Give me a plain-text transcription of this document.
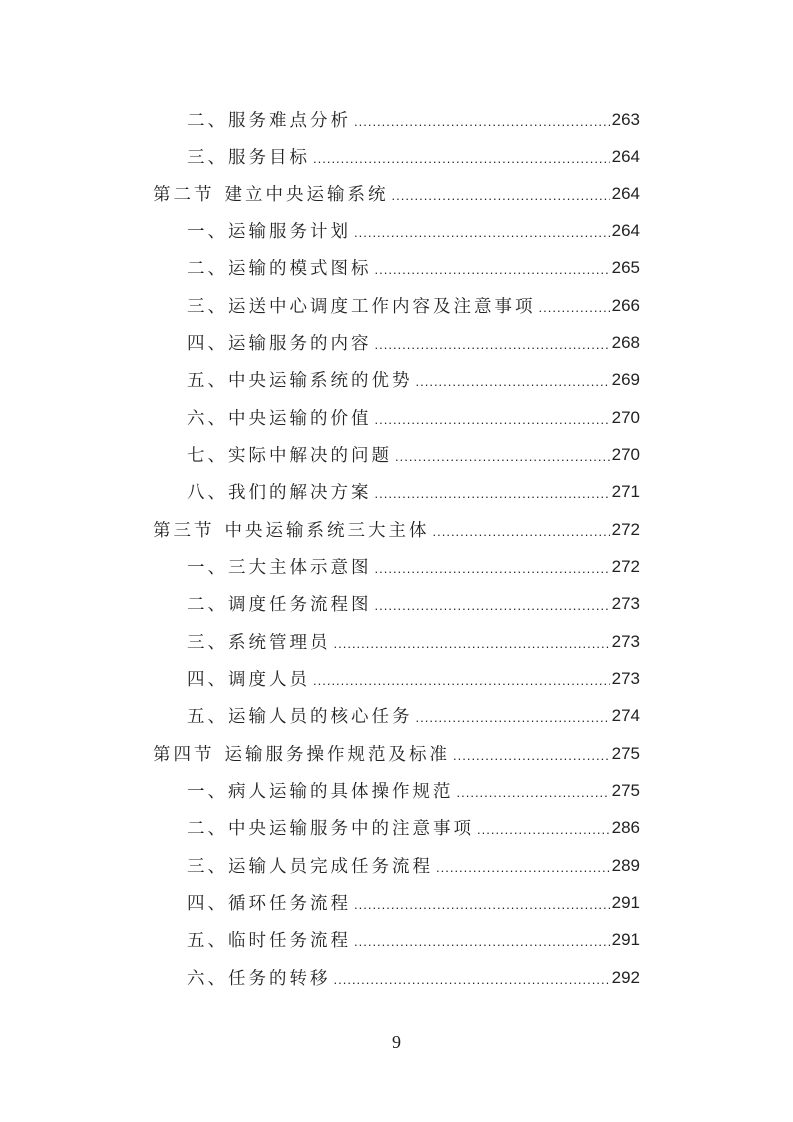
二、服务难点分析 .....	263
三、服务目标 .....	264
第二节 建立中央运输系统 .....	264
一、运输服务计划 .....	264
二、运输的模式图标 .....	265
三、运送中心调度工作内容及注意事项 .....	266
四、运输服务的内容 .....	268
五、中央运输系统的优势 .....	269
六、中央运输的价值 .....	270
七、实际中解决的问题 .....	270
八、我们的解决方案 .....	271
第三节 中央运输系统三大主体 .....	272
一、三大主体示意图 .....	272
二、调度任务流程图 .....	273
三、系统管理员 .....	273
四、调度人员 .....	273
五、运输人员的核心任务 .....	274
第四节 运输服务操作规范及标准 .....	275
一、病人运输的具体操作规范 .....	275
二、中央运输服务中的注意事项 .....	286
三、运输人员完成任务流程 .....	289
四、循环任务流程 .....	291
五、临时任务流程 .....	291
六、任务的转移 .....	292
9
